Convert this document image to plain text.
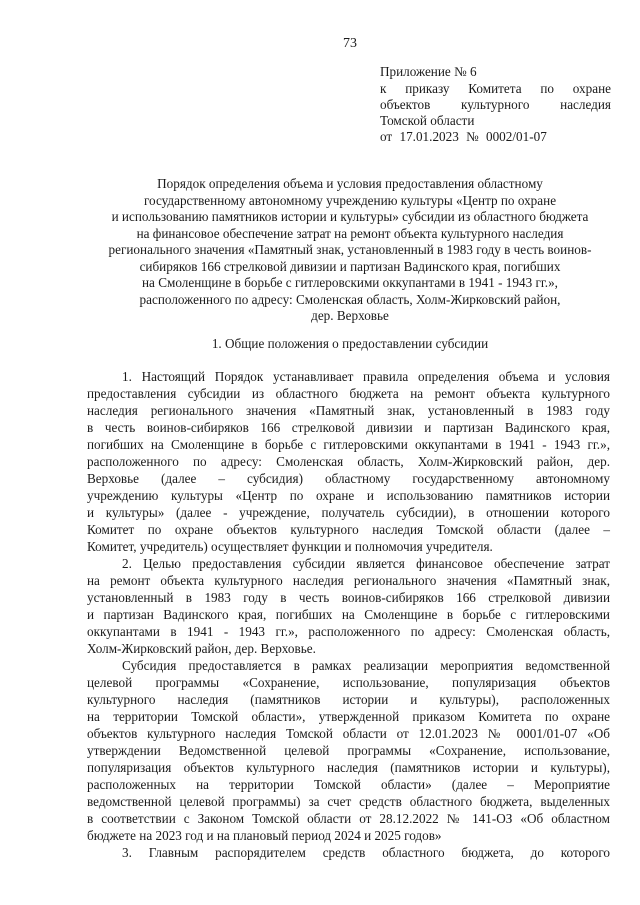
73
Приложение № 6
к приказу Комитета по охране
объектов культурного наследия
Томской области
от 17.01.2023 № 0002/01-07
Порядок определения объема и условия предоставления областному
государственному автономному учреждению культуры «Центр по охране
и использованию памятников истории и культуры» субсидии из областного бюджета
на финансовое обеспечение затрат на ремонт объекта культурного наследия
регионального значения «Памятный знак, установленный в 1983 году в честь воинов-
сибиряков 166 стрелковой дивизии и партизан Вадинского края, погибших
на Смоленщине в борьбе с гитлеровскими оккупантами в 1941 - 1943 гг.»,
расположенного по адресу: Смоленская область, Холм-Жирковский район,
дер. Верховье
1. Общие положения о предоставлении субсидии
1. Настоящий Порядок устанавливает правила определения объема и условия
предоставления субсидии из областного бюджета на ремонт объекта культурного
наследия регионального значения «Памятный знак, установленный в 1983 году
в честь воинов-сибиряков 166 стрелковой дивизии и партизан Вадинского края,
погибших на Смоленщине в борьбе с гитлеровскими оккупантами в 1941 - 1943 гг.»,
расположенного по адресу: Смоленская область, Холм-Жирковский район, дер.
Верховье (далее – субсидия) областному государственному автономному
учреждению культуры «Центр по охране и использованию памятников истории
и культуры» (далее - учреждение, получатель субсидии), в отношении которого
Комитет по охране объектов культурного наследия Томской области (далее –
Комитет, учредитель) осуществляет функции и полномочия учредителя.
2. Целью предоставления субсидии является финансовое обеспечение затрат
на ремонт объекта культурного наследия регионального значения «Памятный знак,
установленный в 1983 году в честь воинов-сибиряков 166 стрелковой дивизии
и партизан Вадинского края, погибших на Смоленщине в борьбе с гитлеровскими
оккупантами в 1941 - 1943 гг.», расположенного по адресу: Смоленская область,
Холм-Жирковский район, дер. Верховье.
Субсидия предоставляется в рамках реализации мероприятия ведомственной
целевой программы «Сохранение, использование, популяризация объектов
культурного наследия (памятников истории и культуры), расположенных
на территории Томской области», утвержденной приказом Комитета по охране
объектов культурного наследия Томской области от 12.01.2023 № 0001/01-07 «Об
утверждении Ведомственной целевой программы «Сохранение, использование,
популяризация объектов культурного наследия (памятников истории и культуры),
расположенных на территории Томской области» (далее – Мероприятие
ведомственной целевой программы) за счет средств областного бюджета, выделенных
в соответствии с Законом Томской области от 28.12.2022 № 141-ОЗ «Об областном
бюджете на 2023 год и на плановый период 2024 и 2025 годов»
3. Главным распорядителем средств областного бюджета, до которого
